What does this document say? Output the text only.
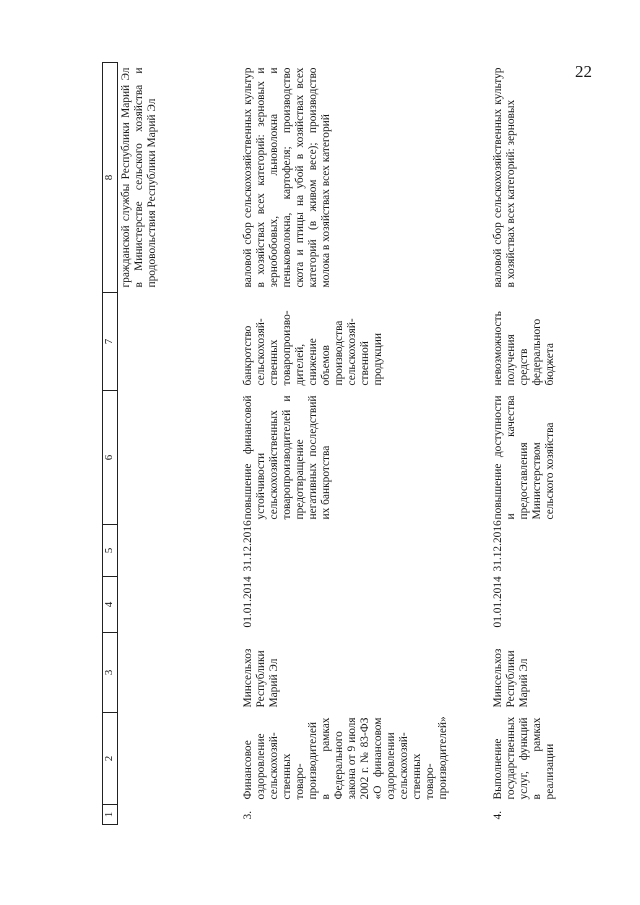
22
1	2	3	4	5	6	7	8
							гражданской службы Республики Марий Эл в Министерстве сельского хозяйства и продовольствия Республики Марий Эл
3.	Финансовое оздоровление сельскохозяй-ственных товаро-производителей в рамках Федерального закона от 9 июля 2002 г. № 83-ФЗ «О финансовом оздоровлении сельскохозяй-ственных товаро-производителей»	Минсельхоз Республики Марий Эл	01.01.2014	31.12.2016	повышение финансовой устойчивости сельскохозяйственных товаропроизводителей и предотвращение негативных последствий их банкротства	банкротство сельскохозяй-ственных товаропроизво-дителей, снижение объемов производства сельскохозяй-ственной продукции	валовой сбор сельскохозяйственных культур в хозяйствах всех категорий: зерновых и зернобобовых, льноволокна и пеньковолокна, картофеля; производство скота и птицы на убой в хозяйствах всех категорий (в живом весе); производство молока в хозяйствах всех категорий
4.	Выполнение государственных услуг, функций в рамках реализации	Минсельхоз Республики Марий Эл	01.01.2014	31.12.2016	повышение доступности и качества предоставления Министерством сельского хозяйства	невозможность получения средств федерального бюджета	валовой сбор сельскохозяйственных культур в хозяйствах всех категорий: зерновых
